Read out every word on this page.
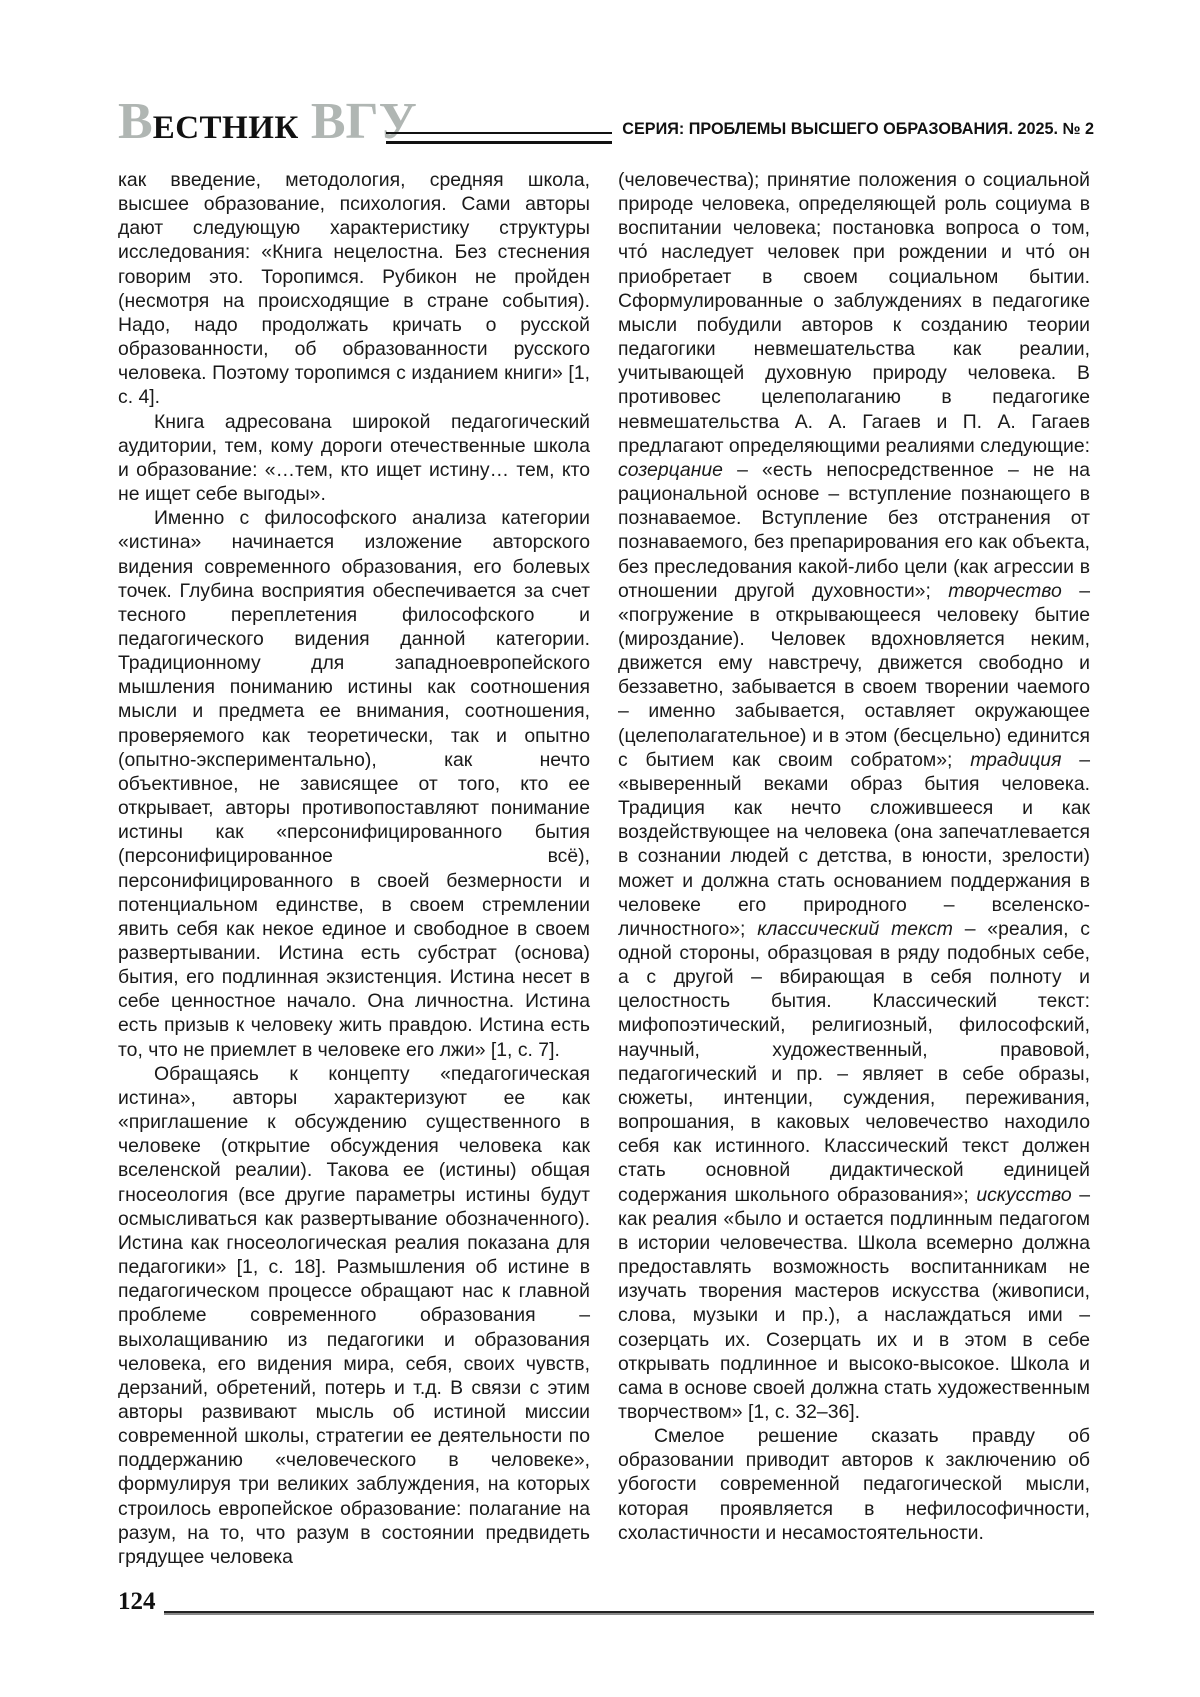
ВЕСТНИК ВГУ	СЕРИЯ: ПРОБЛЕМЫ ВЫСШЕГО ОБРАЗОВАНИЯ. 2025. № 2

как введение, методология, средняя школа, высшее образование, психология. Сами авторы дают следующую характеристику структуры исследования: «Книга нецелостна. Без стеснения говорим это. Торопимся. Рубикон не пройден (несмотря на происходящие в стране события). Надо, надо продолжать кричать о русской образованности, об образованности русского человека. Поэтому торопимся с изданием книги» [1, с. 4].

Книга адресована широкой педагогический аудитории, тем, кому дороги отечественные школа и образование: «…тем, кто ищет истину… тем, кто не ищет себе выгоды».

Именно с философского анализа категории «истина» начинается изложение авторского видения современного образования, его болевых точек. Глубина восприятия обеспечивается за счет тесного переплетения философского и педагогического видения данной категории. Традиционному для западноевропейского мышления пониманию истины как соотношения мысли и предмета ее внимания, соотношения, проверяемого как теоретически, так и опытно (опытно-экспериментально), как нечто объективное, не зависящее от того, кто ее открывает, авторы противопоставляют понимание истины как «персонифицированного бытия (персонифицированное всё), персонифицированного в своей безмерности и потенциальном единстве, в своем стремлении явить себя как некое единое и свободное в своем развертывании. Истина есть субстрат (основа) бытия, его подлинная экзистенция. Истина несет в себе ценностное начало. Она личностна. Истина есть призыв к человеку жить правдою. Истина есть то, что не приемлет в человеке его лжи» [1, с. 7].

Обращаясь к концепту «педагогическая истина», авторы характеризуют ее как «приглашение к обсуждению существенного в человеке (открытие обсуждения человека как вселенской реалии). Такова ее (истины) общая гносеология (все другие параметры истины будут осмысливаться как развертывание обозначенного). Истина как гносеологическая реалия показана для педагогики» [1, с. 18]. Размышления об истине в педагогическом процессе обращают нас к главной проблеме современного образования – выхолащиванию из педагогики и образования человека, его видения мира, себя, своих чувств, дерзаний, обретений, потерь и т.д. В связи с этим авторы развивают мысль об истиной миссии современной школы, стратегии ее деятельности по поддержанию «человеческого в человеке», формулируя три великих заблуждения, на которых строилось европейское образование: полагание на разум, на то, что разум в состоянии предвидеть грядущее человека

(человечества); принятие положения о социальной природе человека, определяющей роль социума в воспитании человека; постановка вопроса о том, что́ наследует человек при рождении и что́ он приобретает в своем социальном бытии. Сформулированные о заблуждениях в педагогике мысли побудили авторов к созданию теории педагогики невмешательства как реалии, учитывающей духовную природу человека. В противовес целеполаганию в педагогике невмешательства А. А. Гагаев и П. А. Гагаев предлагают определяющими реалиями следующие: созерцание – «есть непосредственное – не на рациональной основе – вступление познающего в познаваемое. Вступление без отстранения от познаваемого, без препарирования его как объекта, без преследования какой-либо цели (как агрессии в отношении другой духовности»; творчество – «погружение в открывающееся человеку бытие (мироздание). Человек вдохновляется неким, движется ему навстречу, движется свободно и беззаветно, забывается в своем творении чаемого – именно забывается, оставляет окружающее (целеполагательное) и в этом (бесцельно) единится с бытием как своим собратом»; традиция – «выверенный веками образ бытия человека. Традиция как нечто сложившееся и как воздействующее на человека (она запечатлевается в сознании людей с детства, в юности, зрелости) может и должна стать основанием поддержания в человеке его природного – вселенско-личностного»; классический текст – «реалия, с одной стороны, образцовая в ряду подобных себе, а с другой – вбирающая в себя полноту и целостность бытия. Классический текст: мифопоэтический, религиозный, философский, научный, художественный, правовой, педагогический и пр. – являет в себе образы, сюжеты, интенции, суждения, переживания, вопрошания, в каковых человечество находило себя как истинного. Классический текст должен стать основной дидактической единицей содержания школьного образования»; искусство – как реалия «было и остается подлинным педагогом в истории человечества. Школа всемерно должна предоставлять возможность воспитанникам не изучать творения мастеров искусства (живописи, слова, музыки и пр.), а наслаждаться ими – созерцать их. Созерцать их и в этом в себе открывать подлинное и высоко-высокое. Школа и сама в основе своей должна стать художественным творчеством» [1, с. 32–36].

Смелое решение сказать правду об образовании приводит авторов к заключению об убогости современной педагогической мысли, которая проявляется в нефилософичности, схоластичности и несамостоятельности.

124
